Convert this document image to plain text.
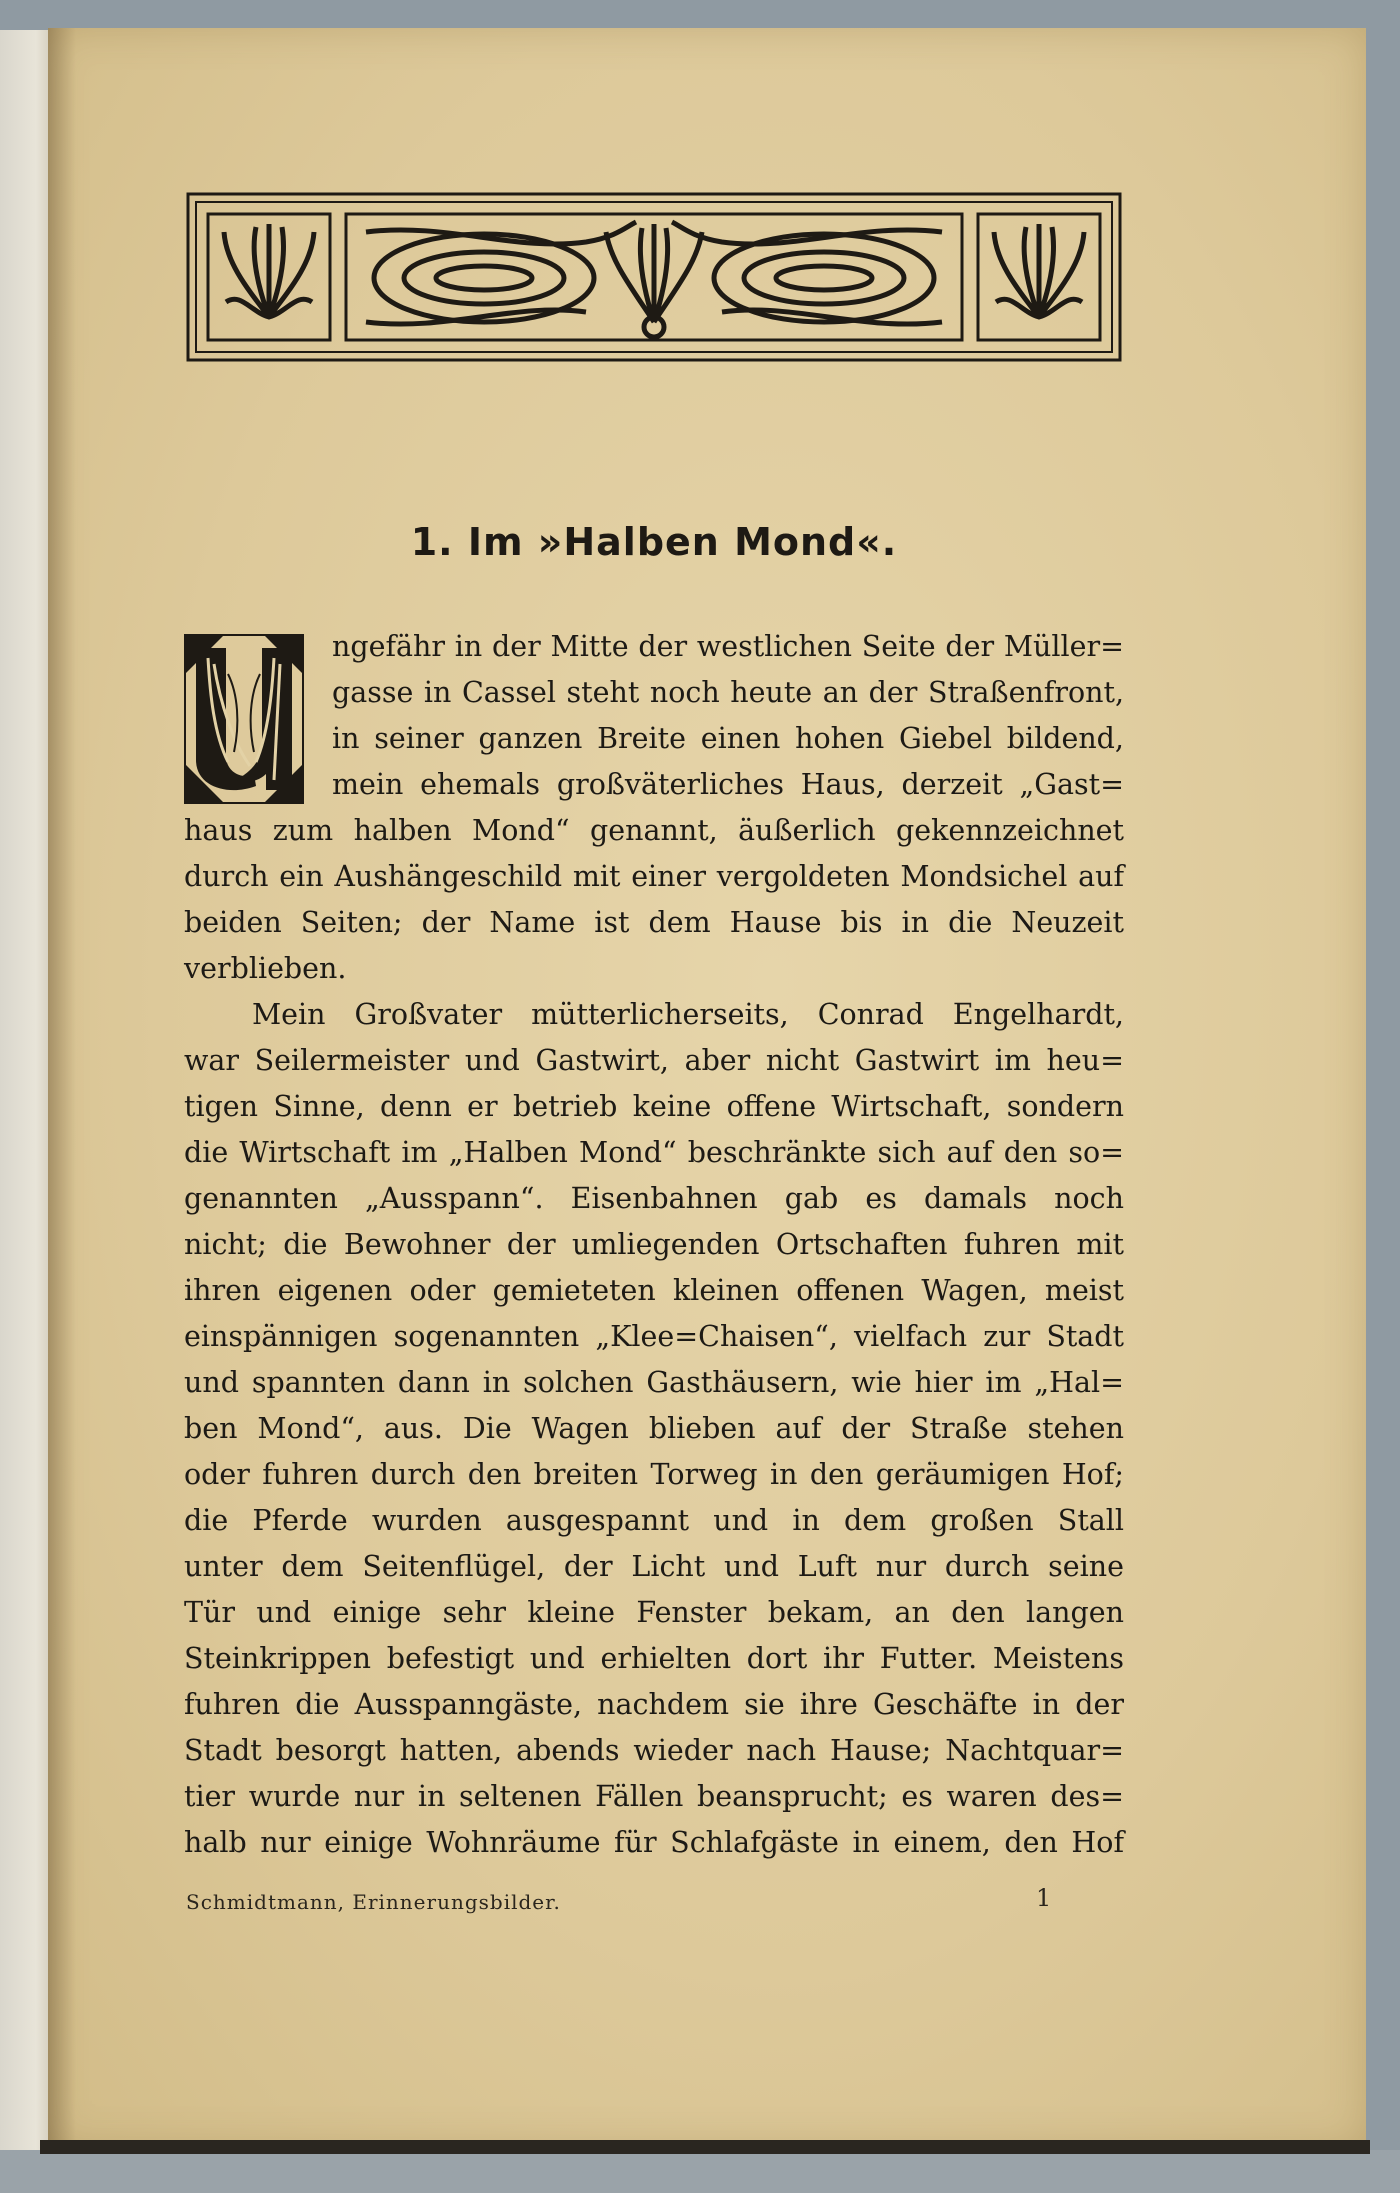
1. Im »Halben Mond«.
ngefähr in der Mitte der westlichen Seite der Müller=
gasse in Cassel steht noch heute an der Straßenfront,
in seiner ganzen Breite einen hohen Giebel bildend,
mein ehemals großväterliches Haus, derzeit „Gast=
haus zum halben Mond“ genannt, äußerlich gekennzeichnet
durch ein Aushängeschild mit einer vergoldeten Mondsichel auf
beiden Seiten; der Name ist dem Hause bis in die Neuzeit
verblieben.
Mein Großvater mütterlicherseits, Conrad Engelhardt,
war Seilermeister und Gastwirt, aber nicht Gastwirt im heu=
tigen Sinne, denn er betrieb keine offene Wirtschaft, sondern
die Wirtschaft im „Halben Mond“ beschränkte sich auf den so=
genannten „Ausspann“. Eisenbahnen gab es damals noch
nicht; die Bewohner der umliegenden Ortschaften fuhren mit
ihren eigenen oder gemieteten kleinen offenen Wagen, meist
einspännigen sogenannten „Klee=Chaisen“, vielfach zur Stadt
und spannten dann in solchen Gasthäusern, wie hier im „Hal=
ben Mond“, aus. Die Wagen blieben auf der Straße stehen
oder fuhren durch den breiten Torweg in den geräumigen Hof;
die Pferde wurden ausgespannt und in dem großen Stall
unter dem Seitenflügel, der Licht und Luft nur durch seine
Tür und einige sehr kleine Fenster bekam, an den langen
Steinkrippen befestigt und erhielten dort ihr Futter. Meistens
fuhren die Ausspanngäste, nachdem sie ihre Geschäfte in der
Stadt besorgt hatten, abends wieder nach Hause; Nachtquar=
tier wurde nur in seltenen Fällen beansprucht; es waren des=
halb nur einige Wohnräume für Schlafgäste in einem, den Hof
Schmidtmann, Erinnerungsbilder.	1
